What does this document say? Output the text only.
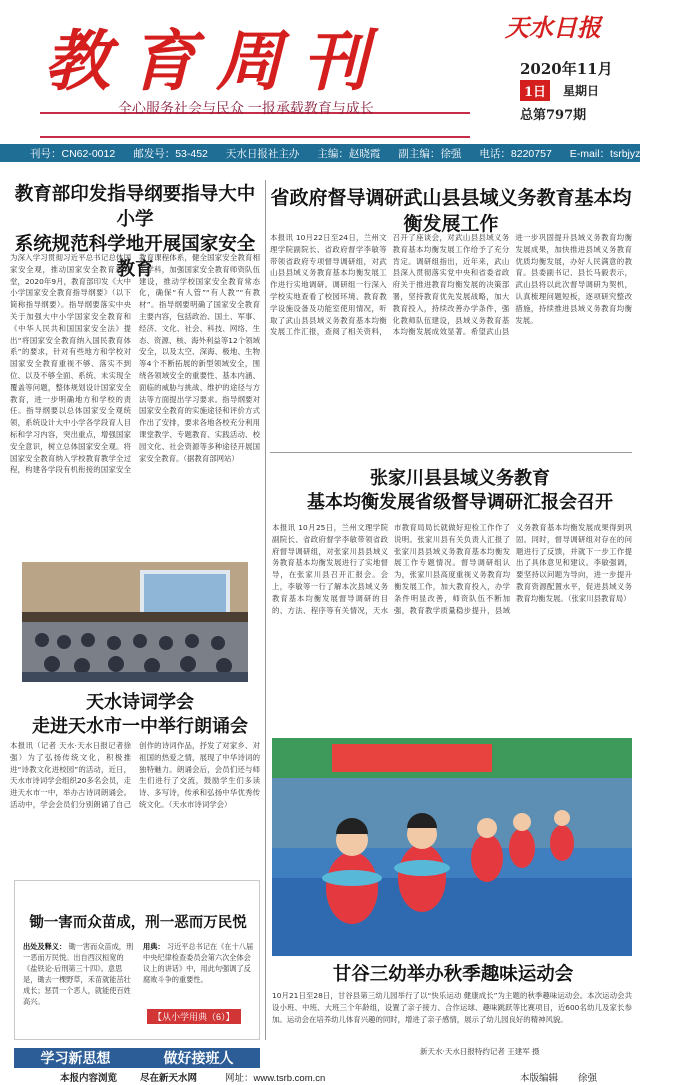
教育周刊
全心服务社会与民众 一报承载教育与成长
天水日报
2020年11月
1日	星期日
总第797期
刊号：CN62-0012 邮发号：53-452 天水日报社主办 主编：赵晓霞 副主编：徐强 电话：8220757 E-mail：tsrbjyzk@163.com
教育部印发指导纲要指导大中小学
系统规范科学地开展国家安全教育
为深入学习贯彻习近平总书记总体国家安全观，推动国家安全教育进课堂，2020年9月，教育部印发《大中小学国家安全教育指导纲要》（以下简称指导纲要）。指导纲要落实中央关于加强大中小学国家安全教育和《中华人民共和国国家安全法》提出“将国家安全教育纳入国民教育体系”的要求，针对有些地方和学校对国家安全教育重视不够、落实不到位、以及不够全面、系统、未实现全覆盖等问题，整体规划设计国家安全教育，进一步明确地方和学校的责任。指导纲要以总体国家安全观统领，系统设计大中小学各学段育人目标和学习内容，突出重点，增强国家安全意识，树立总体国家安全观。将国家安全教育纳入学校教育教学全过程，构建各学段有机衔接的国家安全教育课程体系，健全国家安全教育相关学科，加强国家安全教育师资队伍建设，推动学校国家安全教育常态化，确保“有人管”“有人教”“有教材”。指导纲要明确了国家安全教育主要内容，包括政治、国土、军事、经济、文化、社会、科技、网络、生态、资源、核、海外利益等12个领域安全，以及太空、深海、极地、生物等4个不断拓展的新型领域安全，围绕各领域安全的重要性、基本内涵、面临的威胁与挑战、维护的途径与方法等方面提出学习要求。指导纲要对国家安全教育的实施途径和评价方式作出了安排，要求各地各校充分利用课堂教学、专题教育、实践活动、校园文化、社会资源等多种途径开展国家安全教育。（据教育部网站）
省政府督导调研武山县县域义务教育基本均衡发展工作
本报讯 10月22日至24日，兰州文理学院副院长、省政府督学李敏等带领省政府专项督导调研组，对武山县县域义务教育基本均衡发展工作进行实地调研。调研组一行深入学校实地查看了校园环境、教育教学设施设备及功能室使用情况，听取了武山县县域义务教育基本均衡发展工作汇报，查阅了相关资料，召开了座谈会，对武山县县域义务教育基本均衡发展工作给予了充分肯定。调研组指出，近年来，武山县深入贯彻落实党中央和省委省政府关于推进教育均衡发展的决策部署，坚持教育优先发展战略，加大教育投入，持续改善办学条件，强化教师队伍建设，县域义务教育基本均衡发展成效显著。希望武山县进一步巩固提升县域义务教育均衡发展成果，加快推进县域义务教育优质均衡发展，办好人民满意的教育。县委副书记、县长马毅表示，武山县将以此次督导调研为契机，认真梳理问题短板，逐项研究整改措施，持续推进县域义务教育均衡发展。
张家川县县域义务教育
基本均衡发展省级督导调研汇报会召开
本报讯 10月25日，兰州文理学院副院长、省政府督学李敏带领省政府督导调研组，对张家川县县域义务教育基本均衡发展进行了实地督导，在张家川县召开汇报会。会上，李敏等一行了解本次县域义务教育基本均衡发展督导调研的目的、方法、程序等有关情况，天水市教育局局长就做好迎检工作作了说明。张家川县有关负责人汇报了张家川县县域义务教育基本均衡发展工作专题情况。督导调研组认为，张家川县高度重视义务教育均衡发展工作，加大教育投入，办学条件明显改善，师资队伍不断加强，教育教学质量稳步提升，县域义务教育基本均衡发展成果得到巩固。同时，督导调研组对存在的问题进行了反馈，并就下一步工作提出了具体意见和建议。李敏强调，要坚持以问题为导向，进一步提升教育资源配置水平，促进县域义务教育均衡发展。（张家川县教育局）
天水诗词学会
走进天水市一中举行朗诵会
本报讯（记者 天水·天水日报记者徐强）为了弘扬传统文化，积极推进“诗教文化进校园”的活动，近日，天水市诗词学会组织20多名会员，走进天水市一中，举办古诗词朗诵会。活动中，学会会员们分别朗诵了自己创作的诗词作品，抒发了对家乡、对祖国的热爱之情，展现了中华诗词的独特魅力。朗诵会后，会员们还与师生们进行了交流，鼓励学生们多读诗、多写诗，传承和弘扬中华优秀传统文化。（天水市诗词学会）
甘谷三幼举办秋季趣味运动会
10月21日至28日，甘谷县第三幼儿园举行了以“快乐运动 健康成长”为主题的秋季趣味运动会。本次运动会共设小班、中班、大班三个年龄组，设置了亲子接力、合作运球、趣味跳跃等比赛项目，近600名幼儿及家长参加。运动会在培养幼儿体育兴趣的同时，增进了亲子感情，展示了幼儿园良好的精神风貌。
新天水·天水日报特约记者 王建军 摄
锄一害而众苗成，刑一恶而万民悦
出处及释义： 锄一害而众苗成，刑一恶而万民悦。出自西汉桓宽的《盐铁论·后刑第三十四》。意思是，锄去一棵野草，禾苗就能茁壮成长；惩罚一个恶人，就能使百姓高兴。
用典： 习近平总书记在《在十八届中央纪律检查委员会第六次全体会议上的讲话》中，用此句强调了反腐败斗争的重要性。
【从小学用典（6）】
学习新思想	做好接班人
本报内容浏览 尽在新天水网	网址：www.tsrb.com.cn	本版编辑 徐强
